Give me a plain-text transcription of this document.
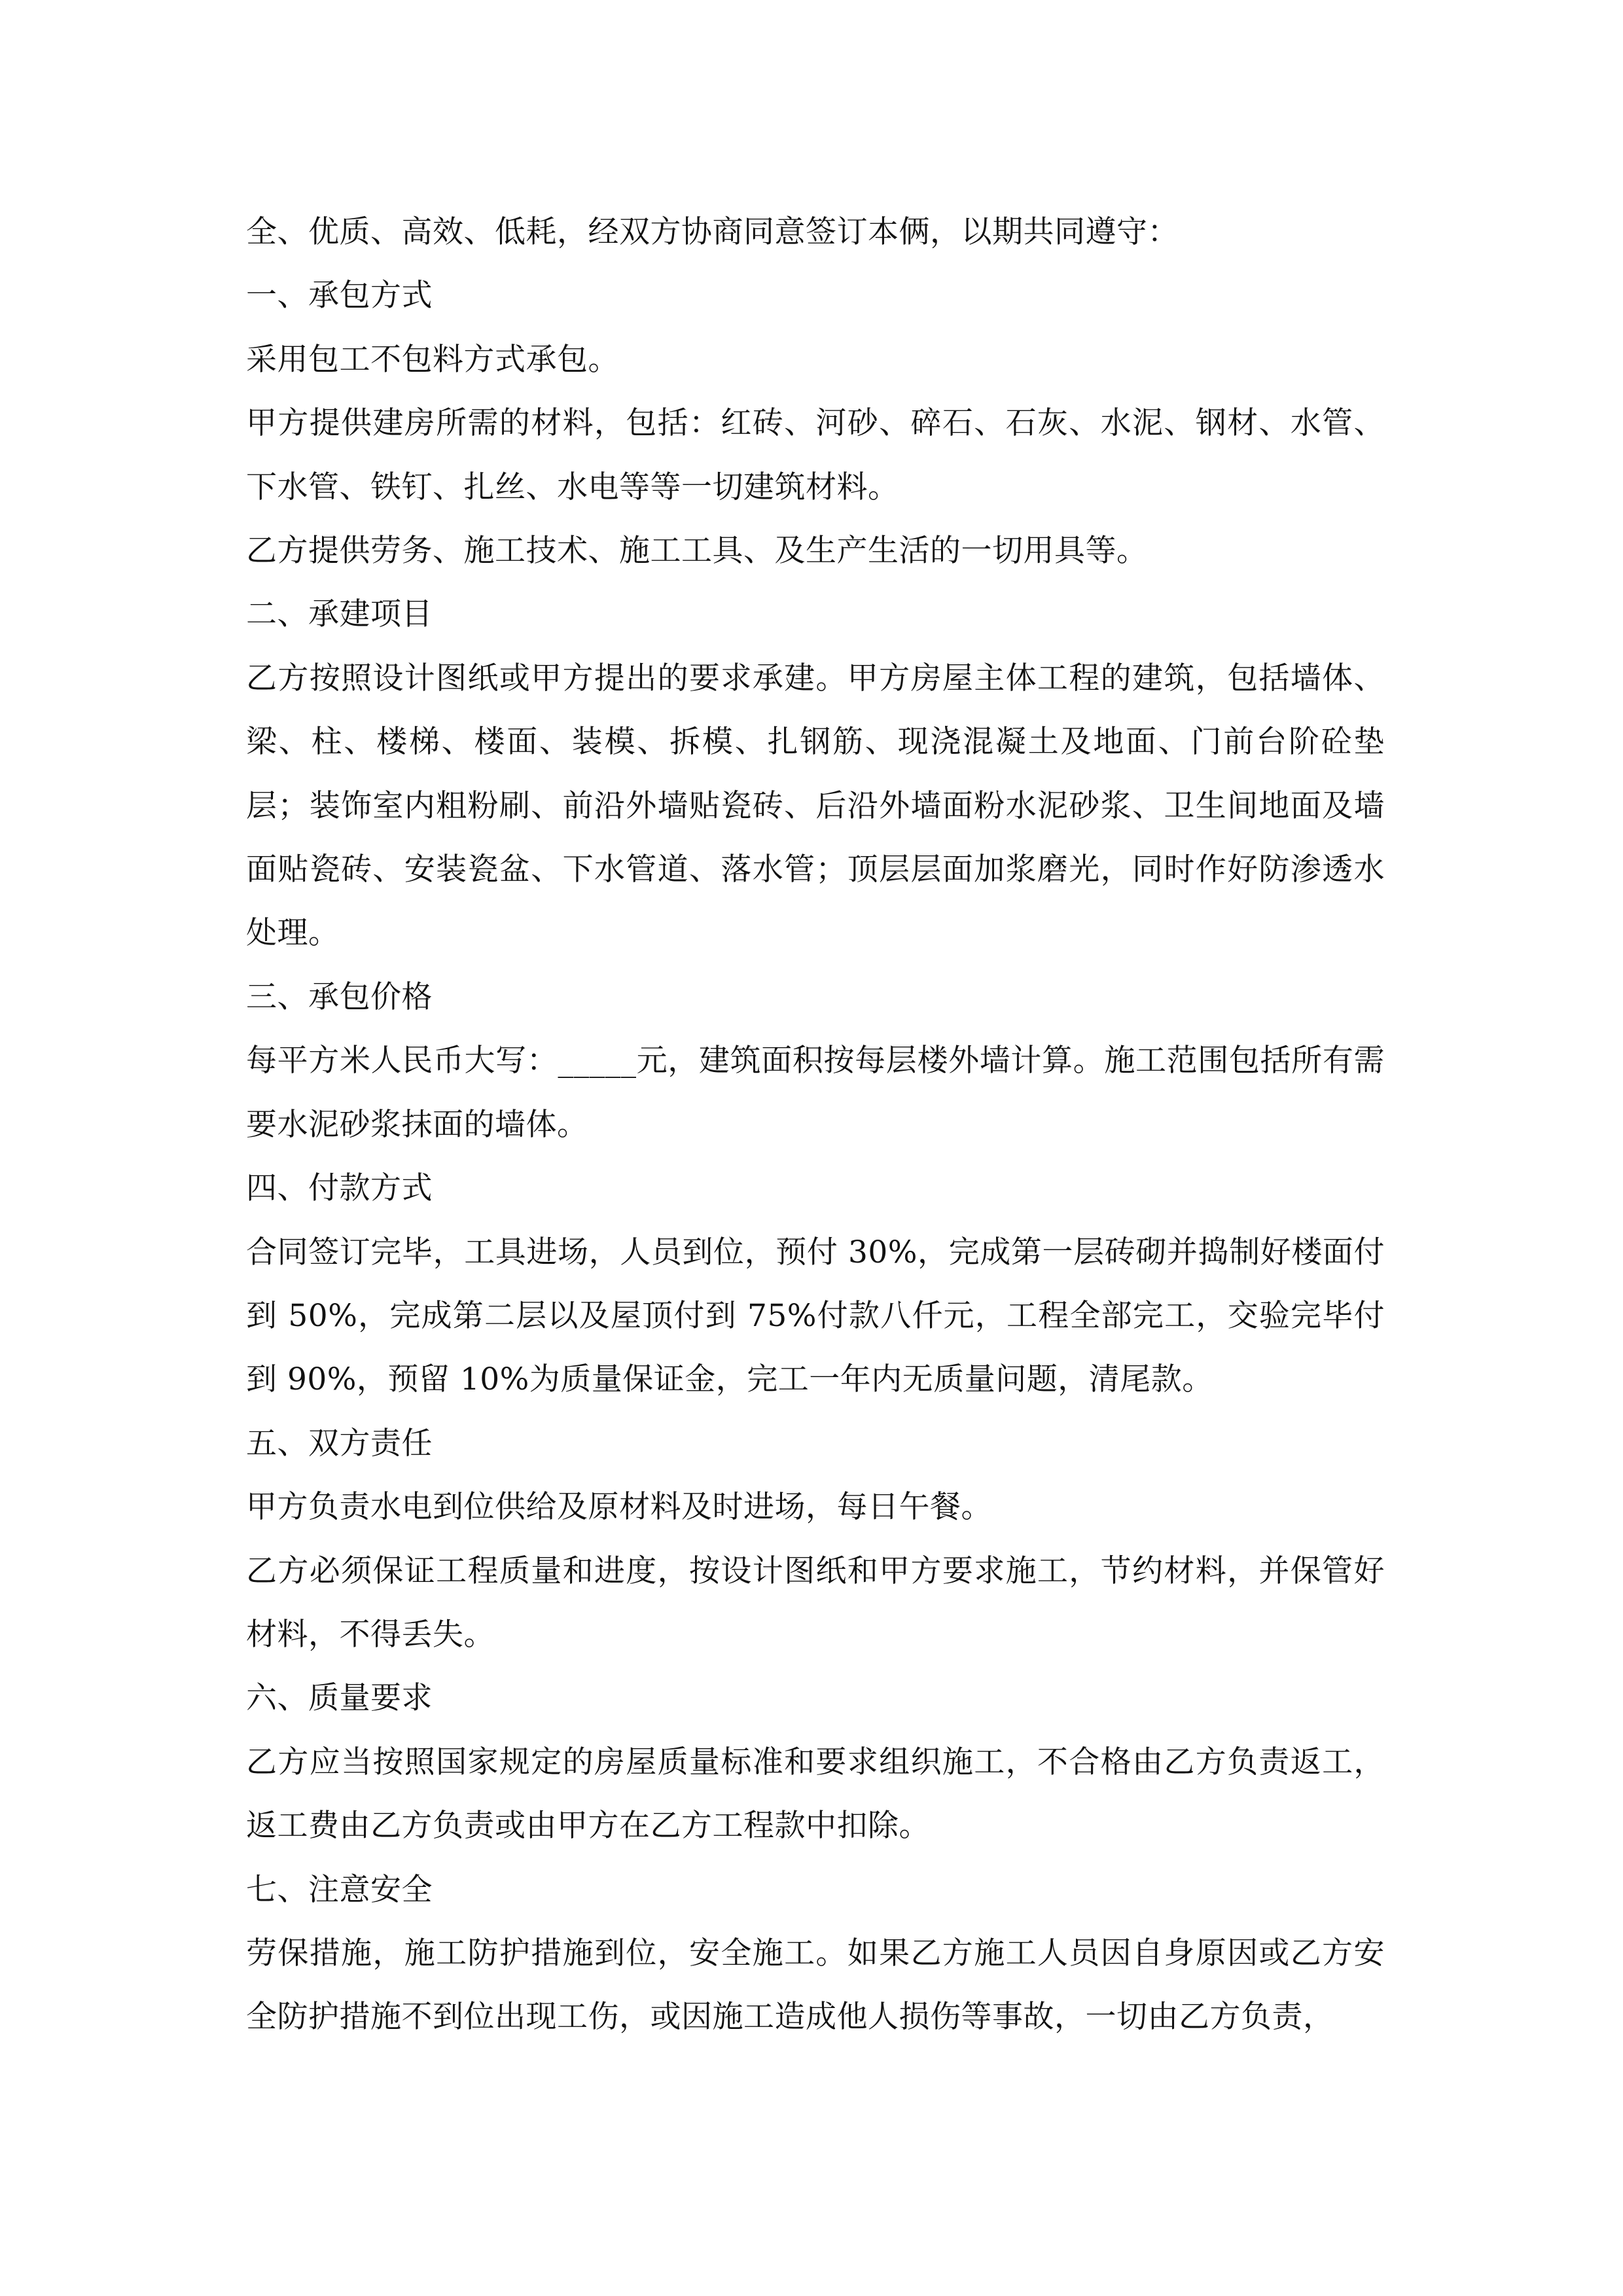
全、优质、高效、低耗，经双方协商同意签订本俩，以期共同遵守：

一、承包方式

采用包工不包料方式承包。

甲方提供建房所需的材料，包括：红砖、河砂、碎石、石灰、水泥、钢材、水管、下水管、铁钉、扎丝、水电等等一切建筑材料。

乙方提供劳务、施工技术、施工工具、及生产生活的一切用具等。

二、承建项目

乙方按照设计图纸或甲方提出的要求承建。甲方房屋主体工程的建筑，包括墙体、梁、柱、楼梯、楼面、装模、拆模、扎钢筋、现浇混凝土及地面、门前台阶砼垫层；装饰室内粗粉刷、前沿外墙贴瓷砖、后沿外墙面粉水泥砂浆、卫生间地面及墙面贴瓷砖、安装瓷盆、下水管道、落水管；顶层层面加浆磨光，同时作好防渗透水处理。

三、承包价格

每平方米人民币大写：_____元，建筑面积按每层楼外墙计算。施工范围包括所有需要水泥砂浆抹面的墙体。

四、付款方式

合同签订完毕，工具进场，人员到位，预付 30%，完成第一层砖砌并捣制好楼面付到 50%，完成第二层以及屋顶付到 75%付款八仟元，工程全部完工，交验完毕付到 90%，预留 10%为质量保证金，完工一年内无质量问题，清尾款。

五、双方责任

甲方负责水电到位供给及原材料及时进场，每日午餐。

乙方必须保证工程质量和进度，按设计图纸和甲方要求施工，节约材料，并保管好材料，不得丢失。

六、质量要求

乙方应当按照国家规定的房屋质量标准和要求组织施工，不合格由乙方负责返工，返工费由乙方负责或由甲方在乙方工程款中扣除。

七、注意安全

劳保措施，施工防护措施到位，安全施工。如果乙方施工人员因自身原因或乙方安全防护措施不到位出现工伤，或因施工造成他人损伤等事故，一切由乙方负责，
